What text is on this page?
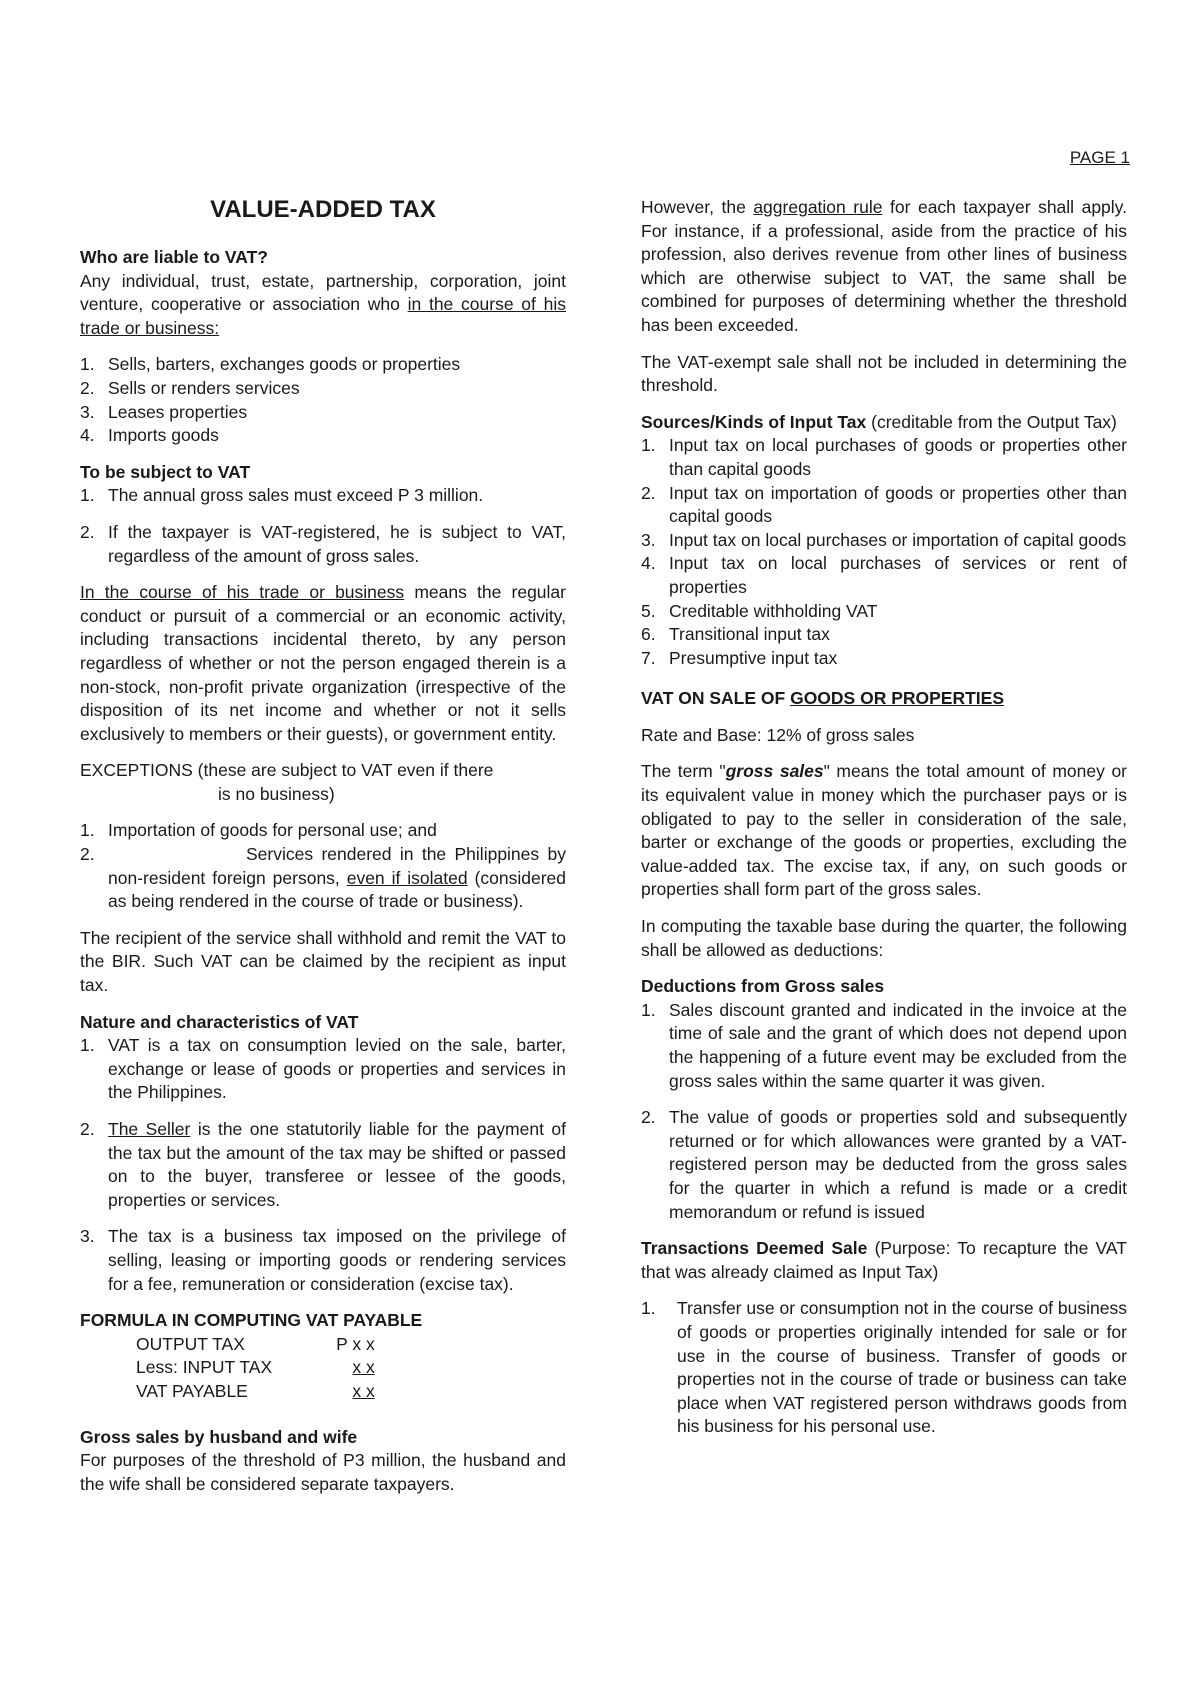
PAGE 1
VALUE-ADDED TAX

Who are liable to VAT?

Any individual, trust, estate, partnership, corporation, joint venture, cooperative or association who in the course of his trade or business:

1. Sells, barters, exchanges goods or properties
2. Sells or renders services
3. Leases properties
4. Imports goods

To be subject to VAT

1. The annual gross sales must exceed P 3 million.
2. If the taxpayer is VAT-registered, he is subject to VAT, regardless of the amount of gross sales.

In the course of his trade or business means the regular conduct or pursuit of a commercial or an economic activity, including transactions incidental thereto, by any person regardless of whether or not the person engaged therein is a non-stock, non-profit private organization (irrespective of the disposition of its net income and whether or not it sells exclusively to members or their guests), or government entity.

EXCEPTIONS (these are subject to VAT even if there
is no business)

1. Importation of goods for personal use; and
2.	Services rendered in the Philippines by non-resident foreign persons, even if isolated (considered as being rendered in the course of trade or business).

The recipient of the service shall withhold and remit the VAT to the BIR. Such VAT can be claimed by the recipient as input tax.

Nature and characteristics of VAT

1. VAT is a tax on consumption levied on the sale, barter, exchange or lease of goods or properties and services in the Philippines.
2. The Seller is the one statutorily liable for the payment of the tax but the amount of the tax may be shifted or passed on to the buyer, transferee or lessee of the goods, properties or services.
3. The tax is a business tax imposed on the privilege of selling, leasing or importing goods or rendering services for a fee, remuneration or consideration (excise tax).

FORMULA IN COMPUTING VAT PAYABLE

OUTPUT TAX	P x x
Less: INPUT TAX	x x
VAT PAYABLE	x x

Gross sales by husband and wife

For purposes of the threshold of P3 million, the husband and the wife shall be considered separate taxpayers.

However, the aggregation rule for each taxpayer shall apply. For instance, if a professional, aside from the practice of his profession, also derives revenue from other lines of business which are otherwise subject to VAT, the same shall be combined for purposes of determining whether the threshold has been exceeded.

The VAT-exempt sale shall not be included in determining the threshold.

Sources/Kinds of Input Tax (creditable from the Output Tax)

1. Input tax on local purchases of goods or properties other than capital goods
2. Input tax on importation of goods or properties other than capital goods
3. Input tax on local purchases or importation of capital goods
4. Input tax on local purchases of services or rent of properties
5. Creditable withholding VAT
6. Transitional input tax
7. Presumptive input tax

VAT ON SALE OF GOODS OR PROPERTIES

Rate and Base: 12% of gross sales

The term "gross sales" means the total amount of money or its equivalent value in money which the purchaser pays or is obligated to pay to the seller in consideration of the sale, barter or exchange of the goods or properties, excluding the value-added tax. The excise tax, if any, on such goods or properties shall form part of the gross sales.

In computing the taxable base during the quarter, the following shall be allowed as deductions:

Deductions from Gross sales

1. Sales discount granted and indicated in the invoice at the time of sale and the grant of which does not depend upon the happening of a future event may be excluded from the gross sales within the same quarter it was given.
2. The value of goods or properties sold and subsequently returned or for which allowances were granted by a VAT-registered person may be deducted from the gross sales for the quarter in which a refund is made or a credit memorandum or refund is issued

Transactions Deemed Sale (Purpose: To recapture the VAT that was already claimed as Input Tax)

1. Transfer use or consumption not in the course of business of goods or properties originally intended for sale or for use in the course of business. Transfer of goods or properties not in the course of trade or business can take place when VAT registered person withdraws goods from his business for his personal use.
